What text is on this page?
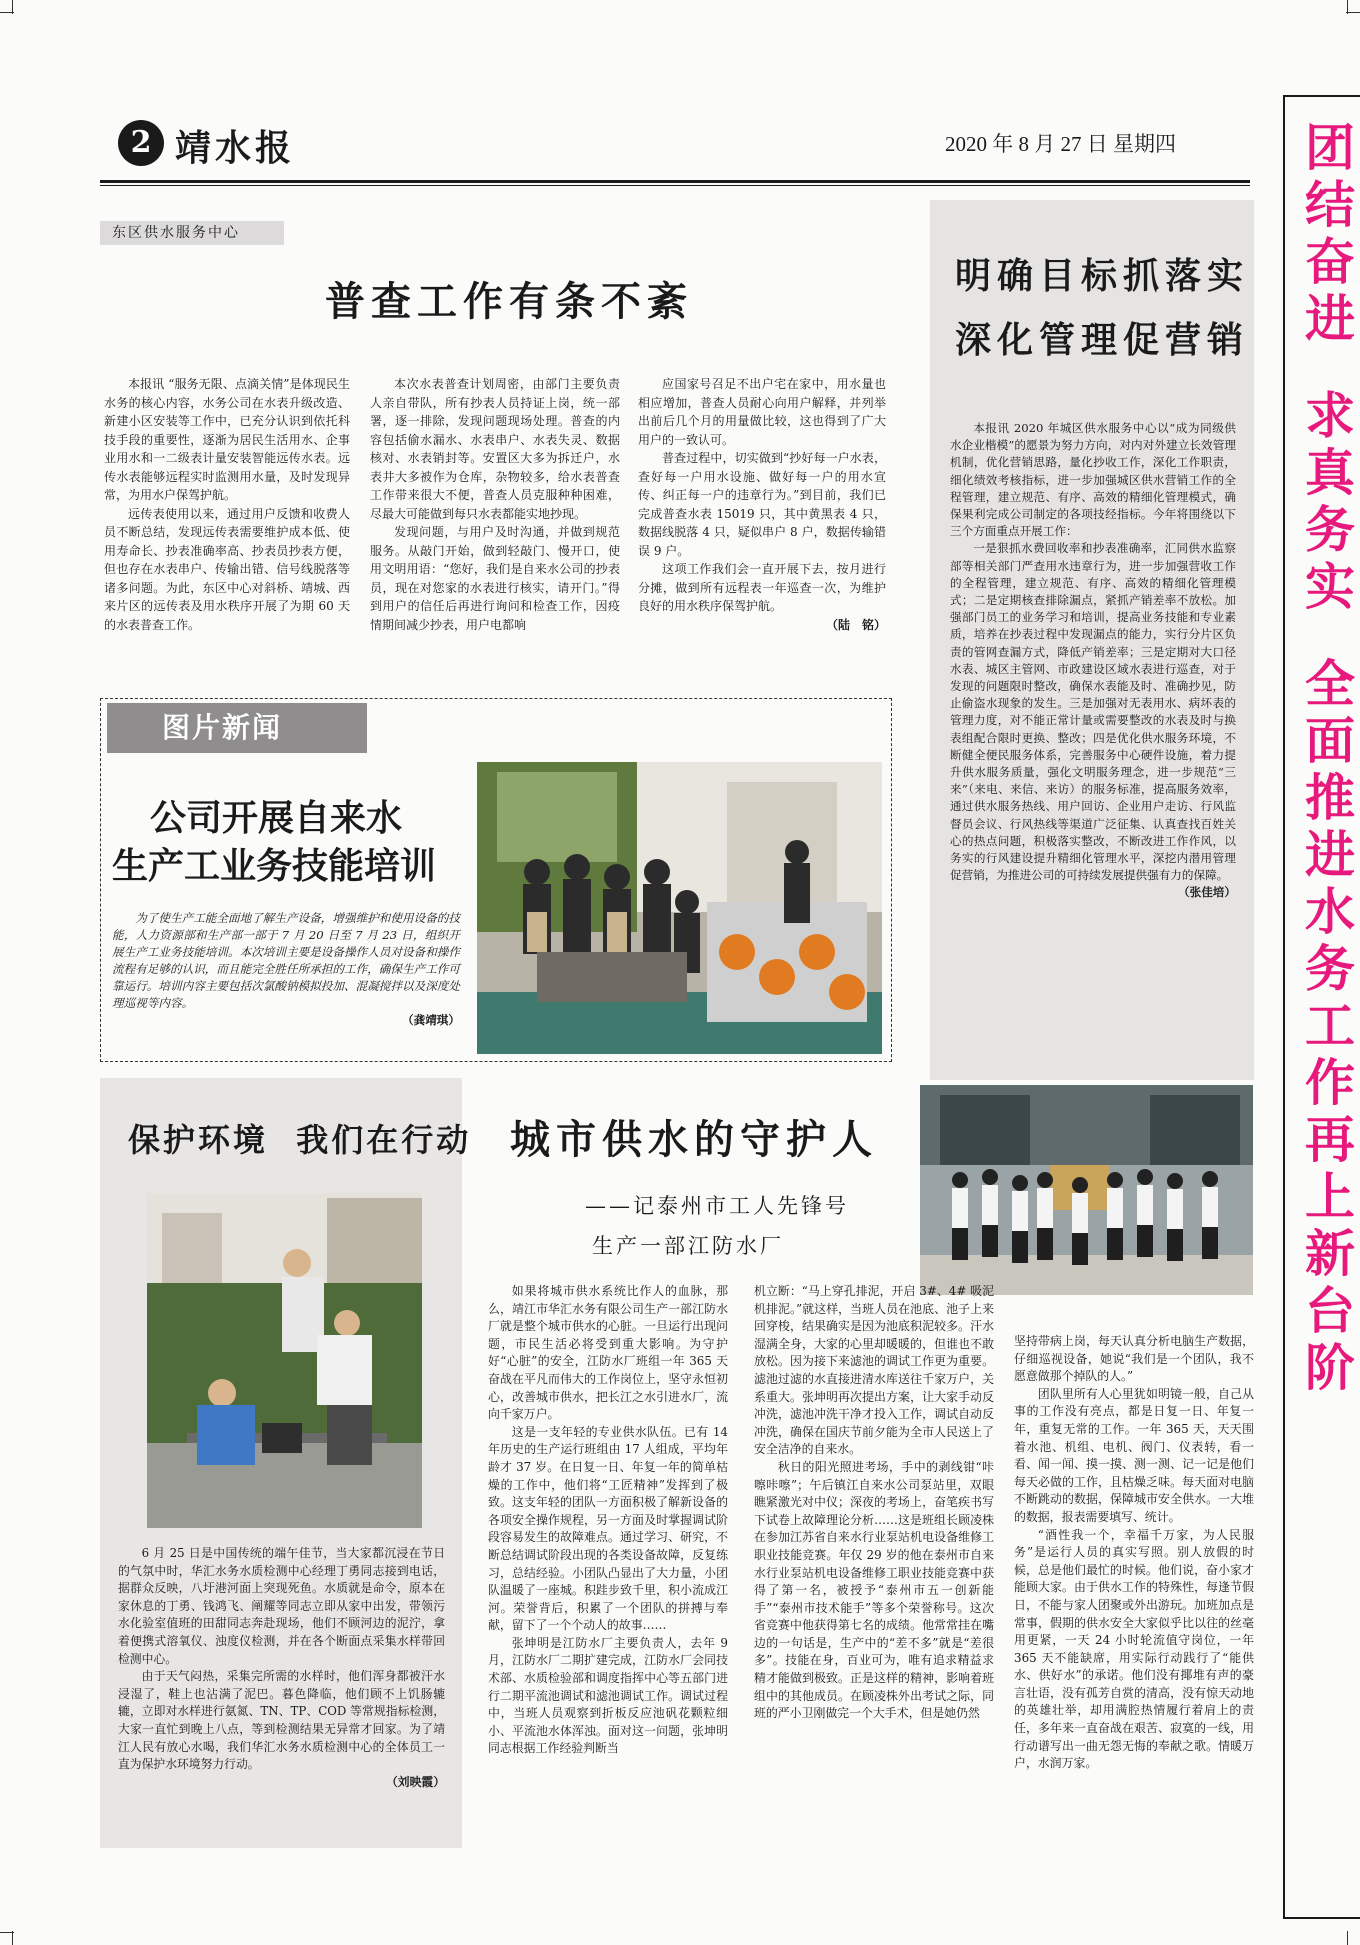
2 靖水报	2020 年 8 月 27 日 星期四	团结奋进
求真务实
全面推进水务工作再上新台阶
东区供水服务中心
普查工作有条不紊

本报讯 “服务无限、点滴关情”是体现民生水务的核心内容，水务公司在水表升级改造、新建小区安装等工作中，已充分认识到依托科技手段的重要性，逐渐为居民生活用水、企事业用水和一二级表计量安装智能远传水表。远传水表能够远程实时监测用水量，及时发现异常，为用水户保驾护航。

远传表使用以来，通过用户反馈和收费人员不断总结，发现远传表需要维护成本低、使用寿命长、抄表准确率高、抄表员抄表方便，但也存在水表串户、传输出错、信号线脱落等诸多问题。为此，东区中心对斜桥、靖城、西来片区的远传表及用水秩序开展了为期 60 天的水表普查工作。

本次水表普查计划周密，由部门主要负责人亲自带队，所有抄表人员持证上岗，统一部署，逐一排除，发现问题现场处理。普查的内容包括偷水漏水、水表串户、水表失灵、数据核对、水表销封等。安置区大多为拆迁户，水表井大多被作为仓库，杂物较多，给水表普查工作带来很大不便，普查人员克服种种困难，尽最大可能做到每只水表都能实地抄现。

发现问题，与用户及时沟通，并做到规范服务。从敲门开始，做到轻敲门、慢开口，使用文明用语：“您好，我们是自来水公司的抄表员，现在对您家的水表进行核实，请开门。”得到用户的信任后再进行询问和检查工作，因疫情期间减少抄表，用户电都响

应国家号召足不出户宅在家中，用水量也相应增加，普查人员耐心向用户解释，并列举出前后几个月的用量做比较，这也得到了广大用户的一致认可。

普查过程中，切实做到“抄好每一户水表，查好每一户用水设施、做好每一户的用水宣传、纠正每一户的违章行为。”到目前，我们已完成普查水表 15019 只，其中黄黑表 4 只，数据线脱落 4 只，疑似串户 8 户，数据传输错误 9 户。

这项工作我们会一直开展下去，按月进行分摊，做到所有远程表一年巡查一次，为维护良好的用水秩序保驾护航。

（陆　铭）
明确目标抓落实
深化管理促营销

本报讯 2020 年城区供水服务中心以“成为同级供水企业楷模”的愿景为努力方向，对内对外建立长效管理机制，优化营销思路，量化抄收工作，深化工作职责，细化绩效考核指标，进一步加强城区供水营销工作的全程管理，建立规范、有序、高效的精细化管理模式，确保果利完成公司制定的各项技经指标。今年将围绕以下三个方面重点开展工作：

一是狠抓水费回收率和抄表准确率，汇同供水监察部等相关部门严查用水违章行为，进一步加强营收工作的全程管理，建立规范、有序、高效的精细化管理模式；二是定期核查排除漏点，紧抓产销差率不放松。加强部门员工的业务学习和培训，提高业务技能和专业素质，培养在抄表过程中发现漏点的能力，实行分片区负责的管网查漏方式，降低产销差率；三是定期对大口径水表、城区主管网、市政建设区域水表进行巡查，对于发现的问题限时整改，确保水表能及时、准确抄见，防止偷盗水现象的发生。三是加强对无表用水、病坏表的管理力度，对不能正常计量或需要整改的水表及时与换表组配合限时更换、整改；四是优化供水服务环境，不断健全便民服务体系，完善服务中心硬件设施，着力提升供水服务质量，强化文明服务理念，进一步规范“三来”（来电、来信、来访）的服务标准，提高服务效率，通过供水服务热线、用户回访、企业用户走访、行风监督员会议、行风热线等渠道广泛征集、认真查找百姓关心的热点问题，积极落实整改，不断改进工作作风，以务实的行风建设提升精细化管理水平，深挖内潜用管理促营销，为推进公司的可持续发展提供强有力的保障。

（张佳培）
图片新闻
公司开展自来水
生产工业务技能培训

为了使生产工能全面地了解生产设备，增强维护和使用设备的技能，人力资源部和生产部一部于 7 月 20 日至 7 月 23 日，组织开展生产工业务技能培训。本次培训主要是设备操作人员对设备和操作流程有足够的认识，而且能完全胜任所承担的工作，确保生产工作可靠运行。培训内容主要包括次氯酸钠模拟投加、混凝搅拌以及深度处理巡视等内容。

（龚靖琪）
保护环境  我们在行动

6 月 25 日是中国传统的端午佳节，当大家都沉浸在节日的气氛中时，华汇水务水质检测中心经理丁勇同志接到电话，据群众反映，八圩港河面上突现死鱼。水质就是命令，原本在家休息的丁勇、钱鸿飞、阐耀等同志立即从家中出发，带领污水化验室值班的田甜同志奔赴现场，他们不顾河边的泥泞，拿着便携式溶氧仪、浊度仪检测，并在各个断面点采集水样带回检测中心。

由于天气闷热，采集完所需的水样时，他们浑身都被汗水浸湿了，鞋上也沾满了泥巴。暮色降临，他们顾不上饥肠辘辘，立即对水样进行氨氮、TN、TP、COD 等常规指标检测，大家一直忙到晚上八点，等到检测结果无异常才回家。为了靖江人民有放心水喝，我们华汇水务水质检测中心的全体员工一直为保护水环境努力行动。

（刘映霞）
城市供水的守护人
——记泰州市工人先锋号
生产一部江防水厂

如果将城市供水系统比作人的血脉，那么，靖江市华汇水务有限公司生产一部江防水厂就是整个城市供水的心脏。一旦运行出现问题，市民生活必将受到重大影响。为守护好“心脏”的安全，江防水厂班组一年 365 天奋战在平凡而伟大的工作岗位上，坚守永恒初心，改善城市供水，把长江之水引进水厂，流向千家万户。

这是一支年轻的专业供水队伍。已有 14 年历史的生产运行班组由 17 人组成，平均年龄才 37 岁。在日复一日、年复一年的简单枯燥的工作中，他们将“工匠精神”发挥到了极致。这支年轻的团队一方面积极了解新设备的各项安全操作规程，另一方面及时掌握调试阶段容易发生的故障难点。通过学习、研究，不断总结调试阶段出现的各类设备故障，反复练习，总结经验。小团队凸显出了大力量，小团队温暖了一座城。积跬步致千里，积小流成江河。荣誉背后，积累了一个团队的拼搏与奉献，留下了一个个动人的故事……

张坤明是江防水厂主要负责人，去年 9 月，江防水厂二期扩建完成，江防水厂会同技术部、水质检验部和调度指挥中心等五部门进行二期平流池调试和滤池调试工作。调试过程中，当班人员观察到折板反应池矾花颗粒细小、平流池水体浑浊。面对这一问题，张坤明同志根据工作经验判断当

机立断：“马上穿孔排泥，开启 3#、4# 吸泥机排泥。”就这样，当班人员在池底、池子上来回穿梭，结果确实是因为池底积泥较多。汗水湿满全身，大家的心里却暖暖的，但谁也不敢放松。因为接下来滤池的调试工作更为重要。滤池过滤的水直接进清水库送往千家万户，关系重大。张坤明再次提出方案，让大家手动反冲洗，滤池冲洗干净才投入工作，调试自动反冲洗，确保在国庆节前夕能为全市人民送上了安全洁净的自来水。

秋日的阳光照进考场，手中的剥线钳“咔嚓咔嚓”；午后镇江自来水公司泵站里，双眼瞧紧激光对中仪；深夜的考场上，奋笔疾书写下试卷上故障理论分析……这是班组长顾凌株在参加江苏省自来水行业泵站机电设备维修工职业技能竞赛。年仅 29 岁的他在泰州市自来水行业泵站机电设备维修工职业技能竞赛中获得了第一名，被授予“泰州市五一创新能手”“泰州市技术能手”等多个荣誉称号。这次省竞赛中他获得第七名的成绩。他常常挂在嘴边的一句话是，生产中的“差不多”就是“差很多”。技能在身，百业可为，唯有追求精益求精才能做到极致。正是这样的精神，影响着班组中的其他成员。在顾凌株外出考试之际，同班的严小卫刚做完一个大手术，但是她仍然

坚持带病上岗，每天认真分析电脑生产数据，仔细巡视设备，她说“我们是一个团队，我不愿意做那个掉队的人。”

团队里所有人心里犹如明镜一般，自己从事的工作没有亮点，都是日复一日、年复一年，重复无常的工作。一年 365 天，天天围着水池、机组、电机、阀门、仪表转，看一看、闻一闻、摸一摸、测一测、记一记是他们每天必做的工作，且枯燥乏味。每天面对电脑不断跳动的数据，保障城市安全供水。一大堆的数据，报表需要填写、统计。

“酒性我一个，幸福千万家，为人民服务”是运行人员的真实写照。别人放假的时候，总是他们最忙的时候。他们说，奋小家才能顾大家。由于供水工作的特殊性，每逢节假日，不能与家人团聚或外出游玩。加班加点是常事，假期的供水安全大家似乎比以往的丝毫用更紧，一天 24 小时轮流值守岗位，一年 365 天不能缺席，用实际行动践行了“能供水、供好水”的承诺。他们没有揶堆有声的豪言壮语，没有孤芳自赏的清高，没有惊天动地的英雄壮举，却用满腔热情履行着肩上的责任，多年来一直奋战在艰苦、寂寞的一线，用行动谱写出一曲无怨无悔的奉献之歌。情暖万户，水润万家。
